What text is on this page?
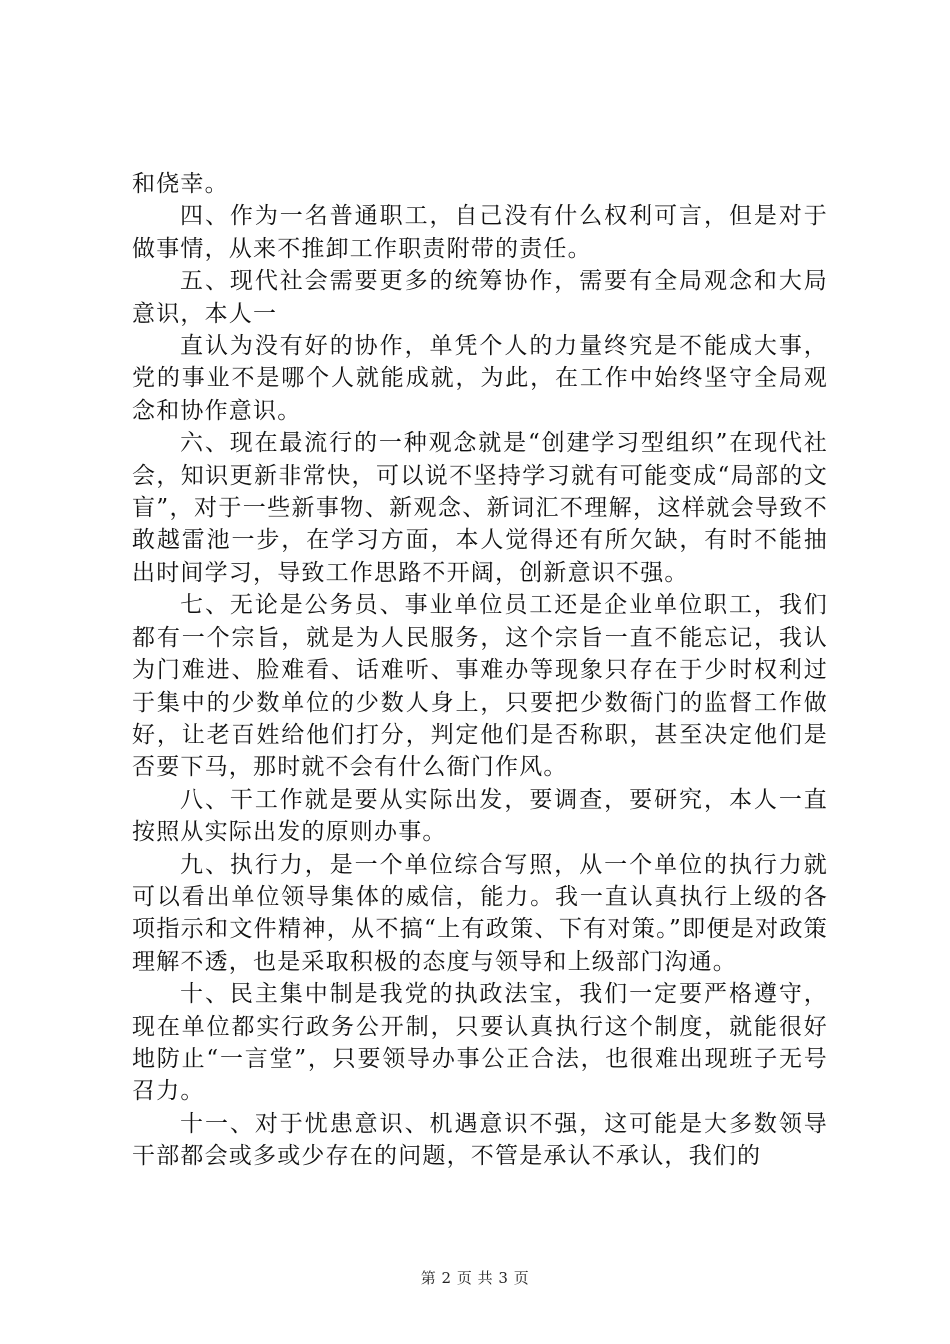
和侥幸。

四、作为一名普通职工，自己没有什么权利可言，但是对于做事情，从来不推卸工作职责附带的责任。

五、现代社会需要更多的统筹协作，需要有全局观念和大局意识，本人一

直认为没有好的协作，单凭个人的力量终究是不能成大事，党的事业不是哪个人就能成就，为此，在工作中始终坚守全局观念和协作意识。

六、现在最流行的一种观念就是“创建学习型组织”在现代社会，知识更新非常快，可以说不坚持学习就有可能变成“局部的文盲”，对于一些新事物、新观念、新词汇不理解，这样就会导致不敢越雷池一步，在学习方面，本人觉得还有所欠缺，有时不能抽出时间学习，导致工作思路不开阔，创新意识不强。

七、无论是公务员、事业单位员工还是企业单位职工，我们都有一个宗旨，就是为人民服务，这个宗旨一直不能忘记，我认为门难进、脸难看、话难听、事难办等现象只存在于少时权利过于集中的少数单位的少数人身上，只要把少数衙门的监督工作做好，让老百姓给他们打分，判定他们是否称职，甚至决定他们是否要下马，那时就不会有什么衙门作风。

八、干工作就是要从实际出发，要调查，要研究，本人一直按照从实际出发的原则办事。

九、执行力，是一个单位综合写照，从一个单位的执行力就可以看出单位领导集体的威信，能力。我一直认真执行上级的各项指示和文件精神，从不搞“上有政策、下有对策。”即便是对政策理解不透，也是采取积极的态度与领导和上级部门沟通。

十、民主集中制是我党的执政法宝，我们一定要严格遵守，现在单位都实行政务公开制，只要认真执行这个制度，就能很好地防止“一言堂”，只要领导办事公正合法，也很难出现班子无号召力。

十一、对于忧患意识、机遇意识不强，这可能是大多数领导干部都会或多或少存在的问题，不管是承认不承认，我们的

第 2 页 共 3 页
